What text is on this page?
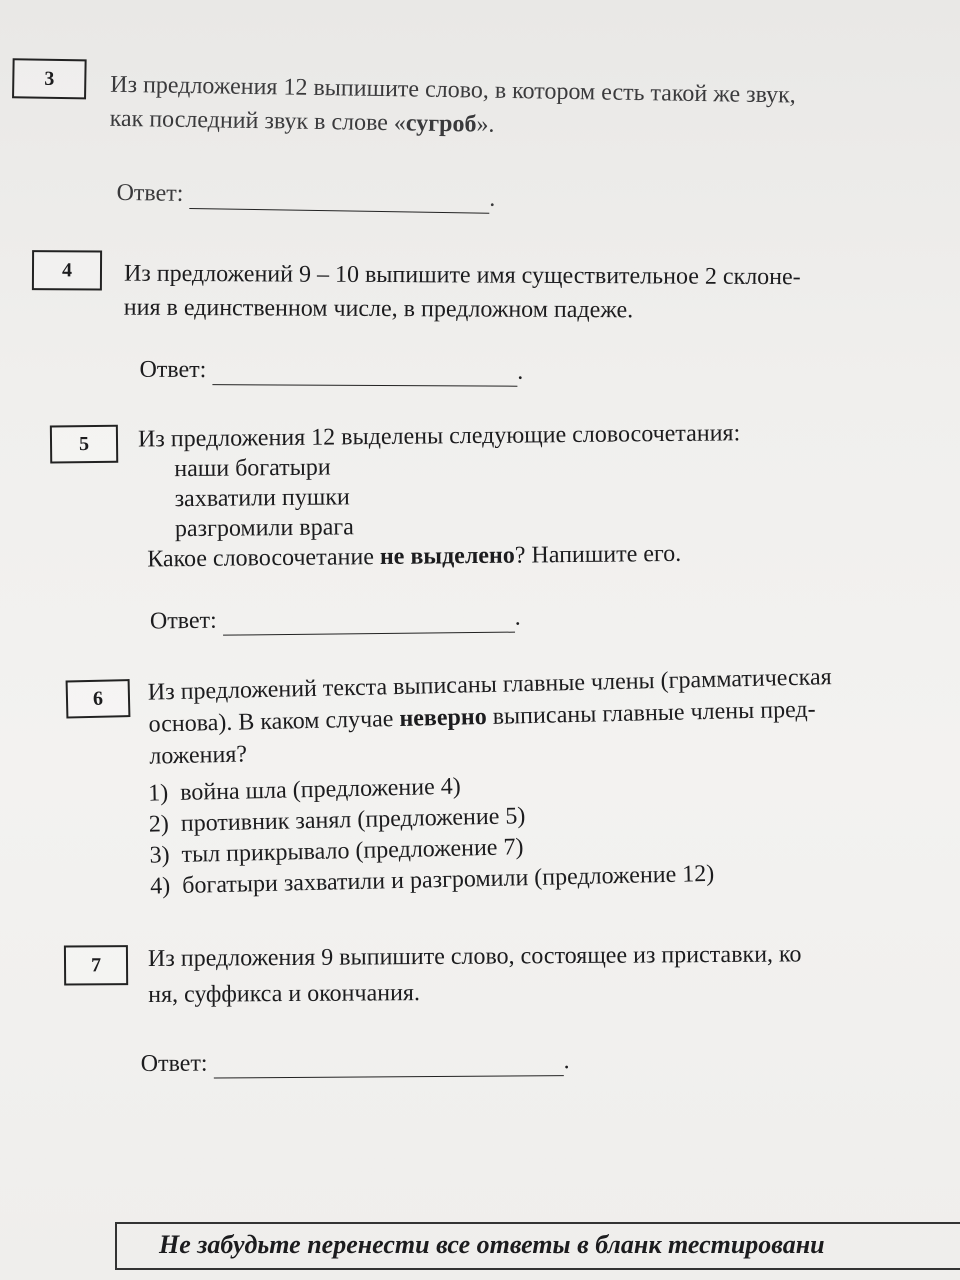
3	Из предложения 12 выпишите слово, в котором есть такой же звук,
как последний звук в слове «сугроб».
Ответ:	.
4	Из предложений 9 – 10 выпишите имя существительное 2 склоне-
ния в единственном числе, в предложном падеже.
Ответ:	.
5	Из предложения 12 выделены следующие словосочетания:
наши богатыри
захватили пушки
разгромили врага
Какое словосочетание не выделено? Напишите его.
Ответ:	.
6	Из предложений текста выписаны главные члены (грамматическая
основа). В каком случае неверно выписаны главные члены пред-
ложения?
1) война шла (предложение 4)
2) противник занял (предложение 5)
3) тыл прикрывало (предложение 7)
4) богатыри захватили и разгромили (предложение 12)
7	Из предложения 9 выпишите слово, состоящее из приставки, ко
ня, суффикса и окончания.
Ответ:	.
Не забудьте перенести все ответы в бланк тестировани
